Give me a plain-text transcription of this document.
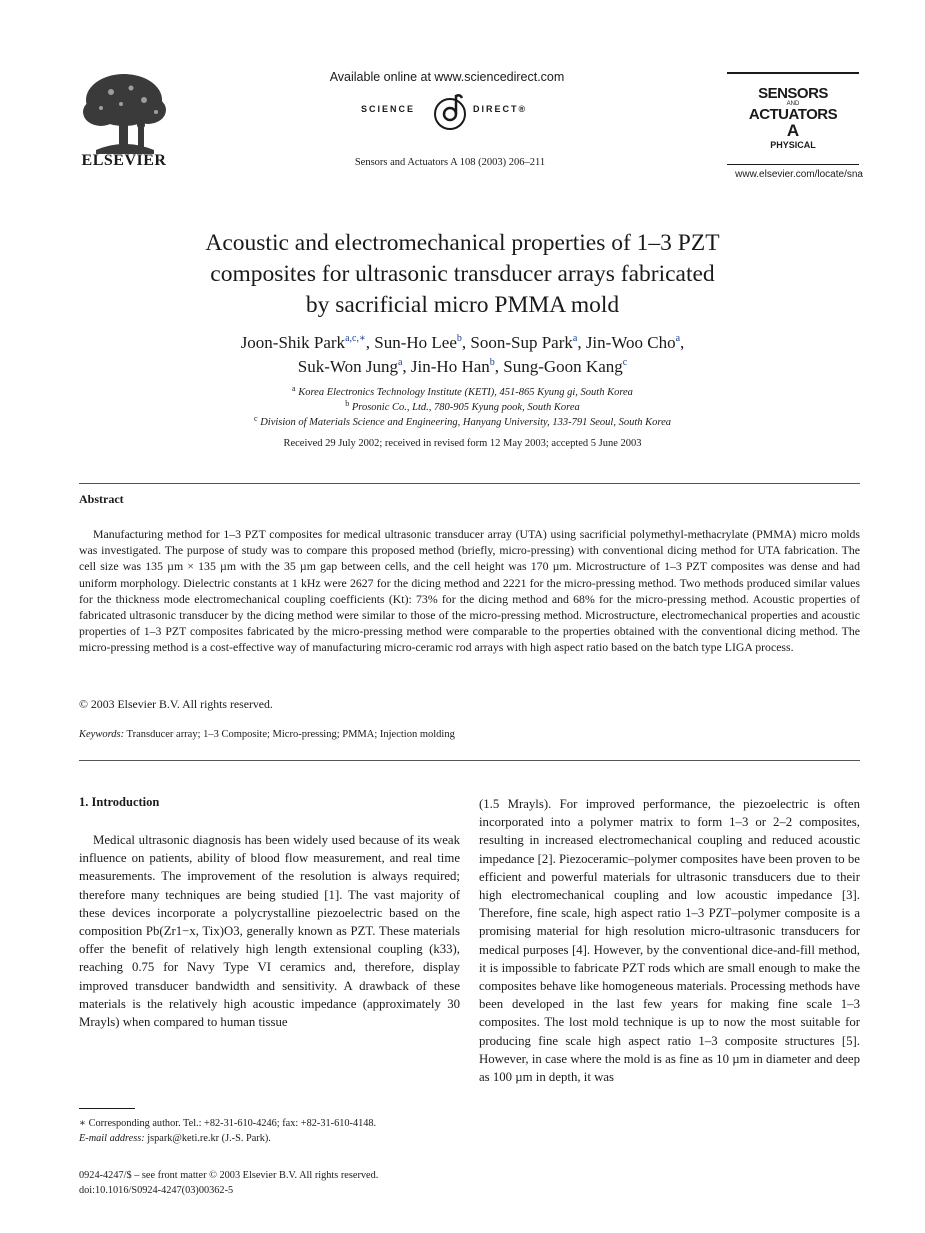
ELSEVIER
Available online at www.sciencedirect.com
SCIENCE	DIRECT®
Sensors and Actuators A 108 (2003) 206–211
SENSORS
AND
ACTUATORS
A
PHYSICAL
www.elsevier.com/locate/sna
Acoustic and electromechanical properties of 1–3 PZT
composites for ultrasonic transducer arrays fabricated
by sacrificial micro PMMA mold
Joon-Shik Park$^{a,c,∗}$, Sun-Ho Lee$^b$, Soon-Sup Park$^a$, Jin-Woo Cho$^a$,
Suk-Won Jung$^a$, Jin-Ho Han$^b$, Sung-Goon Kang$^c$
$^a$ Korea Electronics Technology Institute (KETI), 451-865 Kyung gi, South Korea
$^b$ Prosonic Co., Ltd., 780-905 Kyung pook, South Korea
$^c$ Division of Materials Science and Engineering, Hanyang University, 133-791 Seoul, South Korea
Received 29 July 2002; received in revised form 12 May 2003; accepted 5 June 2003
Abstract
Manufacturing method for 1–3 PZT composites for medical ultrasonic transducer array (UTA) using sacrificial polymethyl-methacrylate (PMMA) micro molds was investigated. The purpose of study was to compare this proposed method (briefly, micro-pressing) with conventional dicing method for UTA fabrication. The cell size was 135 µm × 135 µm with the 35 µm gap between cells, and the cell height was 170 µm. Microstructure of 1–3 PZT composites was dense and had uniform morphology. Dielectric constants at 1 kHz were 2627 for the dicing method and 2221 for the micro-pressing method. Two methods produced similar values for the thickness mode electromechanical coupling coefficients (Kt): 73% for the dicing method and 68% for the micro-pressing method. Acoustic properties of fabricated ultrasonic transducer by the dicing method were similar to those of the micro-pressing method. Microstructure, electromechanical properties and acoustic properties of 1–3 PZT composites fabricated by the micro-pressing method were comparable to the properties obtained with the conventional dicing method. The micro-pressing method is a cost-effective way of manufacturing micro-ceramic rod arrays with high aspect ratio based on the batch type LIGA process.
© 2003 Elsevier B.V. All rights reserved.
Keywords: Transducer array; 1–3 Composite; Micro-pressing; PMMA; Injection molding
1. Introduction
Medical ultrasonic diagnosis has been widely used because of its weak influence on patients, ability of blood flow measurement, and real time measurements. The improvement of the resolution is always required; therefore many techniques are being studied [1]. The vast majority of these devices incorporate a polycrystalline piezoelectric based on the composition Pb(Zr1−x, Tix)O3, generally known as PZT. These materials offer the benefit of relatively high length extensional coupling (k33), reaching 0.75 for Navy Type VI ceramics and, therefore, display improved transducer bandwidth and sensitivity. A drawback of these materials is the relatively high acoustic impedance (approximately 30 Mrayls) when compared to human tissue
(1.5 Mrayls). For improved performance, the piezoelectric is often incorporated into a polymer matrix to form 1–3 or 2–2 composites, resulting in increased electromechanical coupling and reduced acoustic impedance [2]. Piezoceramic–polymer composites have been proven to be efficient and powerful materials for ultrasonic transducers due to their high electromechanical coupling and low acoustic impedance [3]. Therefore, fine scale, high aspect ratio 1–3 PZT–polymer composite is a promising material for high resolution micro-ultrasonic transducers for medical purposes [4]. However, by the conventional dice-and-fill method, it is impossible to fabricate PZT rods which are small enough to make the composites behave like homogeneous materials. Processing methods have been developed in the last few years for making fine scale 1–3 composites. The lost mold technique is up to now the most suitable for producing fine scale high aspect ratio 1–3 composite structures [5]. However, in case where the mold is as fine as 10 µm in diameter and deep as 100 µm in depth, it was
∗ Corresponding author. Tel.: +82-31-610-4246; fax: +82-31-610-4148.
E-mail address: jspark@keti.re.kr (J.-S. Park).
0924-4247/$ – see front matter © 2003 Elsevier B.V. All rights reserved.
doi:10.1016/S0924-4247(03)00362-5
